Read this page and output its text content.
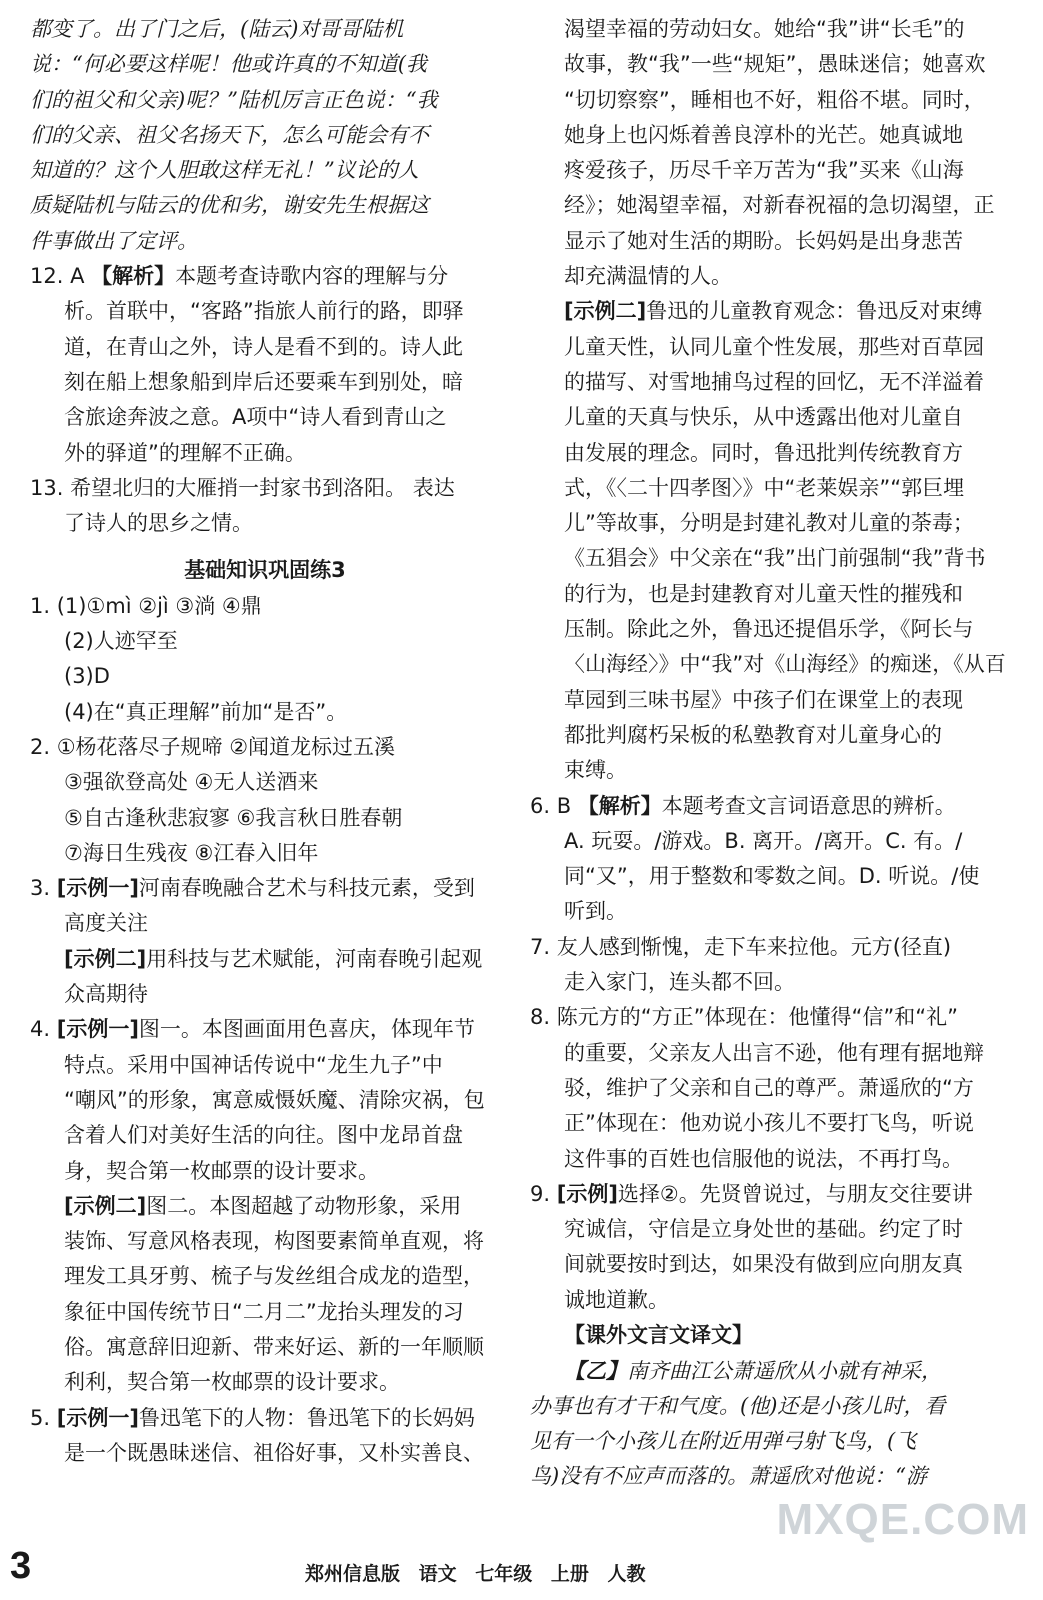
都变了。出了门之后，(陆云)对哥哥陆机
说：“何必要这样呢！他或许真的不知道(我
们的祖父和父亲)呢？”陆机厉言正色说：“我
们的父亲、祖父名扬天下，怎么可能会有不
知道的？这个人胆敢这样无礼！”议论的人
质疑陆机与陆云的优和劣，谢安先生根据这
件事做出了定评。
12. A 【解析】本题考查诗歌内容的理解与分
析。首联中，“客路”指旅人前行的路，即驿
道，在青山之外，诗人是看不到的。诗人此
刻在船上想象船到岸后还要乘车到别处，暗
含旅途奔波之意。A项中“诗人看到青山之
外的驿道”的理解不正确。
13. 希望北归的大雁捎一封家书到洛阳。 表达
了诗人的思乡之情。
基础知识巩固练3
1. (1)①mì ②jì ③淌 ④鼎
(2)人迹罕至
(3)D
(4)在“真正理解”前加“是否”。
2. ①杨花落尽子规啼 ②闻道龙标过五溪
③强欲登高处 ④无人送酒来
⑤自古逢秋悲寂寥 ⑥我言秋日胜春朝
⑦海日生残夜 ⑧江春入旧年
3. [示例一]河南春晚融合艺术与科技元素，受到
高度关注
[示例二]用科技与艺术赋能，河南春晚引起观
众高期待
4. [示例一]图一。本图画面用色喜庆，体现年节
特点。采用中国神话传说中“龙生九子”中
“嘲风”的形象，寓意威慑妖魔、清除灾祸，包
含着人们对美好生活的向往。图中龙昂首盘
身，契合第一枚邮票的设计要求。
[示例二]图二。本图超越了动物形象，采用
装饰、写意风格表现，构图要素简单直观，将
理发工具牙剪、梳子与发丝组合成龙的造型，
象征中国传统节日“二月二”龙抬头理发的习
俗。寓意辞旧迎新、带来好运、新的一年顺顺
利利，契合第一枚邮票的设计要求。
5. [示例一]鲁迅笔下的人物：鲁迅笔下的长妈妈
是一个既愚昧迷信、祖俗好事，又朴实善良、
渴望幸福的劳动妇女。她给“我”讲“长毛”的
故事，教“我”一些“规矩”，愚昧迷信；她喜欢
“切切察察”，睡相也不好，粗俗不堪。同时，
她身上也闪烁着善良淳朴的光芒。她真诚地
疼爱孩子，历尽千辛万苦为“我”买来《山海
经》；她渴望幸福，对新春祝福的急切渴望，正
显示了她对生活的期盼。长妈妈是出身悲苦
却充满温情的人。
[示例二]鲁迅的儿童教育观念：鲁迅反对束缚
儿童天性，认同儿童个性发展，那些对百草园
的描写、对雪地捕鸟过程的回忆，无不洋溢着
儿童的天真与快乐，从中透露出他对儿童自
由发展的理念。同时，鲁迅批判传统教育方
式，《〈二十四孝图〉》中“老莱娱亲”“郭巨埋
儿”等故事，分明是封建礼教对儿童的荼毒；
《五猖会》中父亲在“我”出门前强制“我”背书
的行为，也是封建教育对儿童天性的摧残和
压制。除此之外，鲁迅还提倡乐学，《阿长与
〈山海经〉》中“我”对《山海经》的痴迷，《从百
草园到三味书屋》中孩子们在课堂上的表现
都批判腐朽呆板的私塾教育对儿童身心的
束缚。
6. B 【解析】本题考查文言词语意思的辨析。
A. 玩耍。/游戏。B. 离开。/离开。C. 有。/
同“又”，用于整数和零数之间。D. 听说。/使
听到。
7. 友人感到惭愧，走下车来拉他。元方(径直)
走入家门，连头都不回。
8. 陈元方的“方正”体现在：他懂得“信”和“礼”
的重要，父亲友人出言不逊，他有理有据地辩
驳，维护了父亲和自己的尊严。萧遥欣的“方
正”体现在：他劝说小孩儿不要打飞鸟，听说
这件事的百姓也信服他的说法，不再打鸟。
9. [示例]选择②。先贤曾说过，与朋友交往要讲
究诚信，守信是立身处世的基础。约定了时
间就要按时到达，如果没有做到应向朋友真
诚地道歉。
【课外文言文译文】
【乙】南齐曲江公萧遥欣从小就有神采，
办事也有才干和气度。(他)还是小孩儿时，看
见有一个小孩儿在附近用弹弓射飞鸟，(飞
鸟)没有不应声而落的。萧遥欣对他说：“游
MXQE.COM
3	郑州信息版 语文 七年级 上册 人教
